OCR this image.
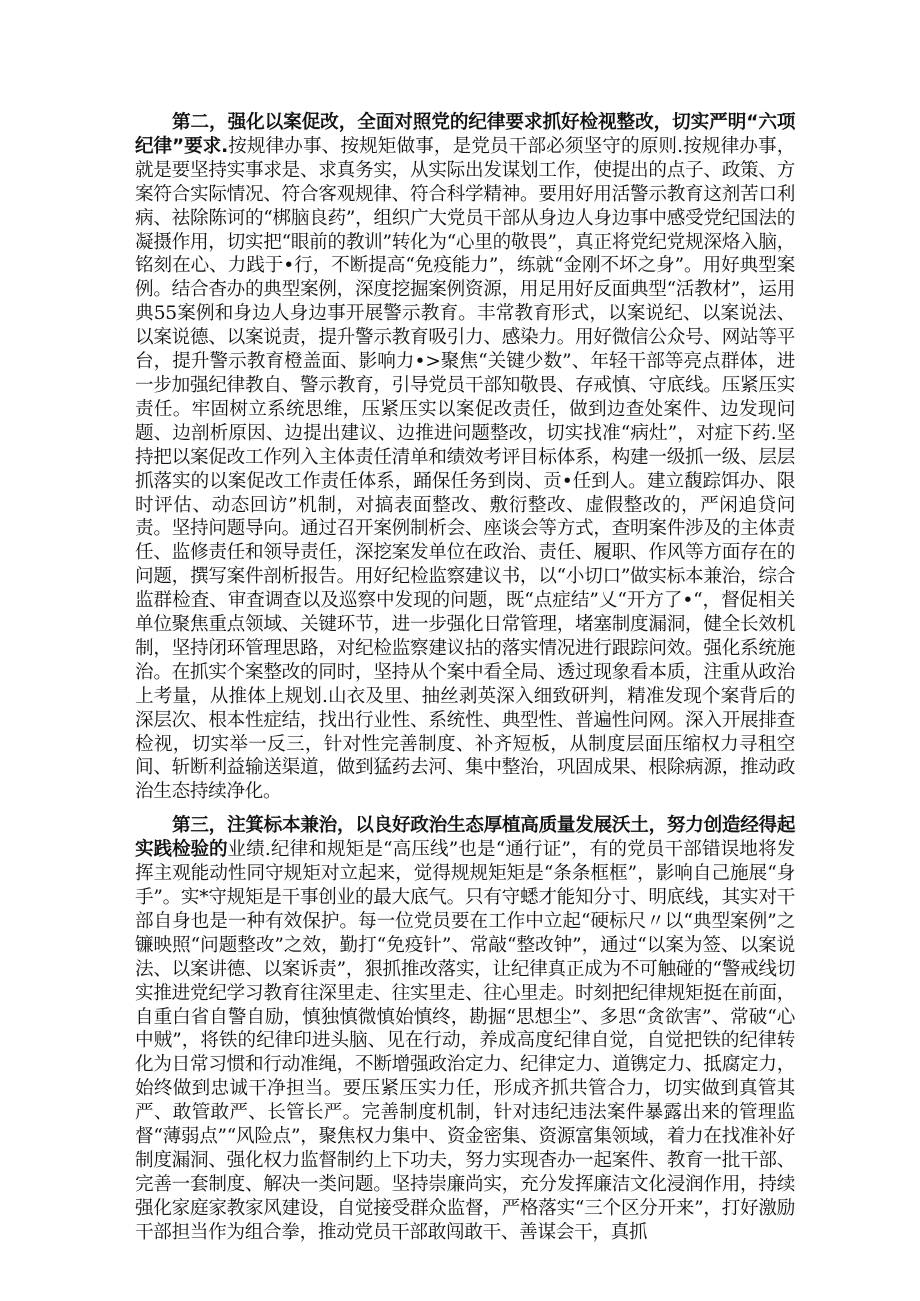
第二，强化以案促改，全面对照党的纪律要求抓好检视整改，切实严明“六项纪律”要求.按规律办事、按规矩做事，是党员干部必须坚守的原则.按规律办事，就是要坚持实事求是、求真务实，从实际出发谋划工作，使提出的点子、政策、方案符合实际情况、符合客观规律、符合科学精神。要用好用活警示教育这剂苦口利病、祛除陈诃的“梆脑良药”，组织广大党员干部从身边人身边事中感受党纪国法的凝摄作用，切实把“眼前的教训”转化为“心里的敬畏”，真正将党纪党规深烙入脑，铭刻在心、力践于•行，不断提高“免疫能力”，练就“金刚不坏之身”。用好典型案例。结合杳办的典型案例，深度挖掘案例资源，用足用好反面典型“活教材”，运用典55案例和身边人身边事开展警示教育。丰常教育形式，以案说纪、以案说法、以案说德、以案说责，提升警示教育吸引力、感染力。用好微信公众号、网站等平台，提升警示教育橙盖面、影响力•>聚焦“关键少数”、年轻干部等亮点群体，进一步加强纪律教自、警示教育，引导党员干部知敬畏、存戒慎、守底线。压紧压实责任。牢固树立系统思维，压紧压实以案促改责任，做到边查处案件、边发现问题、边剖析原因、边提出建议、边推进问题整改，切实找准“病灶”，对症下药.坚持把以案促改工作列入主体责任清单和绩效考评目标体系，构建一级抓一级、层层抓落实的以案促改工作责任体系，踊保任务到岗、贡•任到人。建立馥踪饵办、限时评估、动态回访”机制，对搞表面整改、敷衍整改、虚假整改的，严闲追贷问责。坚持问题导向。通过召开案例制析会、座谈会等方式，查明案件涉及的主体责任、监修责任和领导责任，深挖案发单位在政治、责任、履职、作风等方面存在的问题，撰写案件剖析报告。用好纪检监察建议书，以“小切口”做实标本兼治，综合监群检査、审査调查以及巡察中发现的问题，既“点症结”乂“开方了•“，督促相关单位聚焦重点领域、关键环节，进一步强化日常管理，堵塞制度漏洞，健全长效机制，坚持闭环管理思路，对纪检监察建议拈的落实情况进行跟踪问效。强化系统施治。在抓实个案整改的同时，坚持从个案中看全局、透过现象看本质，注重从政治上考量，从推体上规划.山衣及里、抽丝剥英深入细致研判，精准发现个案背后的深层次、根本性症结，找出行业性、系统性、典型性、普遍性问网。深入开展排查检视，切实举一反三，针对性完善制度、补齐短板，从制度层面压缩权力寻租空间、斩断利益输送渠道，做到猛药去河、集中整治，巩固成果、根除病源，推动政治生态持续净化。

第三，注箕标本兼治，以良好政治生态厚植高质量发展沃土，努力创造经得起实践检验的业绩.纪律和规矩是“高压线”也是“通行证”，有的党员干部错误地将发挥主观能动性同守规矩对立起来，觉得规规矩矩是“条条框框”，影响自己施展“身手”。实*守规矩是干事创业的最大底气。只有守蟋才能知分寸、明底线，其实对干部自身也是一种有效保护。每一位党员要在工作中立起“硬标尺〃以“典型案例”之镰映照“问题整改”之效，勤打“免疫针”、常敲“整改钟”，通过“以案为签、以案说法、以案讲德、以案诉责”，狠抓推改落实，让纪律真正成为不可触碰的“警戒线切实推进党纪学习教育往深里走、往实里走、往心里走。时刻把纪律规矩挺在前面，自重白省自警自励，慎独慎微慎始慎终，勘掘“思想尘”、多思“贪欲害”、常破“心中贼”，将铁的纪律印进头脑、见在行动，养成高度纪律自觉，自觉把铁的纪律转化为日常习惯和行动准绳，不断增强政治定力、纪律定力、道镌定力、抵腐定力，始终做到忠诚干净担当。要压紧压实力任，形成齐抓共管合力，切实做到真管其严、敢管敢严、长管长严。完善制度机制，针对违纪违法案件暴露出来的管理监督“薄弱点”“风险点”，聚焦权力集中、资金密集、资源富集领域，着力在找准补好制度漏洞、强化权力监督制约上下功夫，努力实现杳办一起案件、教育一批干部、完善一套制度、解决一类问题。坚持崇廉尚实，充分发挥廉洁文化浸润作用，持续强化家庭家教家风建设，自觉接受群众监督，严格落实“三个区分开来”，打好激励干部担当作为组合拳，推动党员干部敢闯敢干、善谋会干，真抓
